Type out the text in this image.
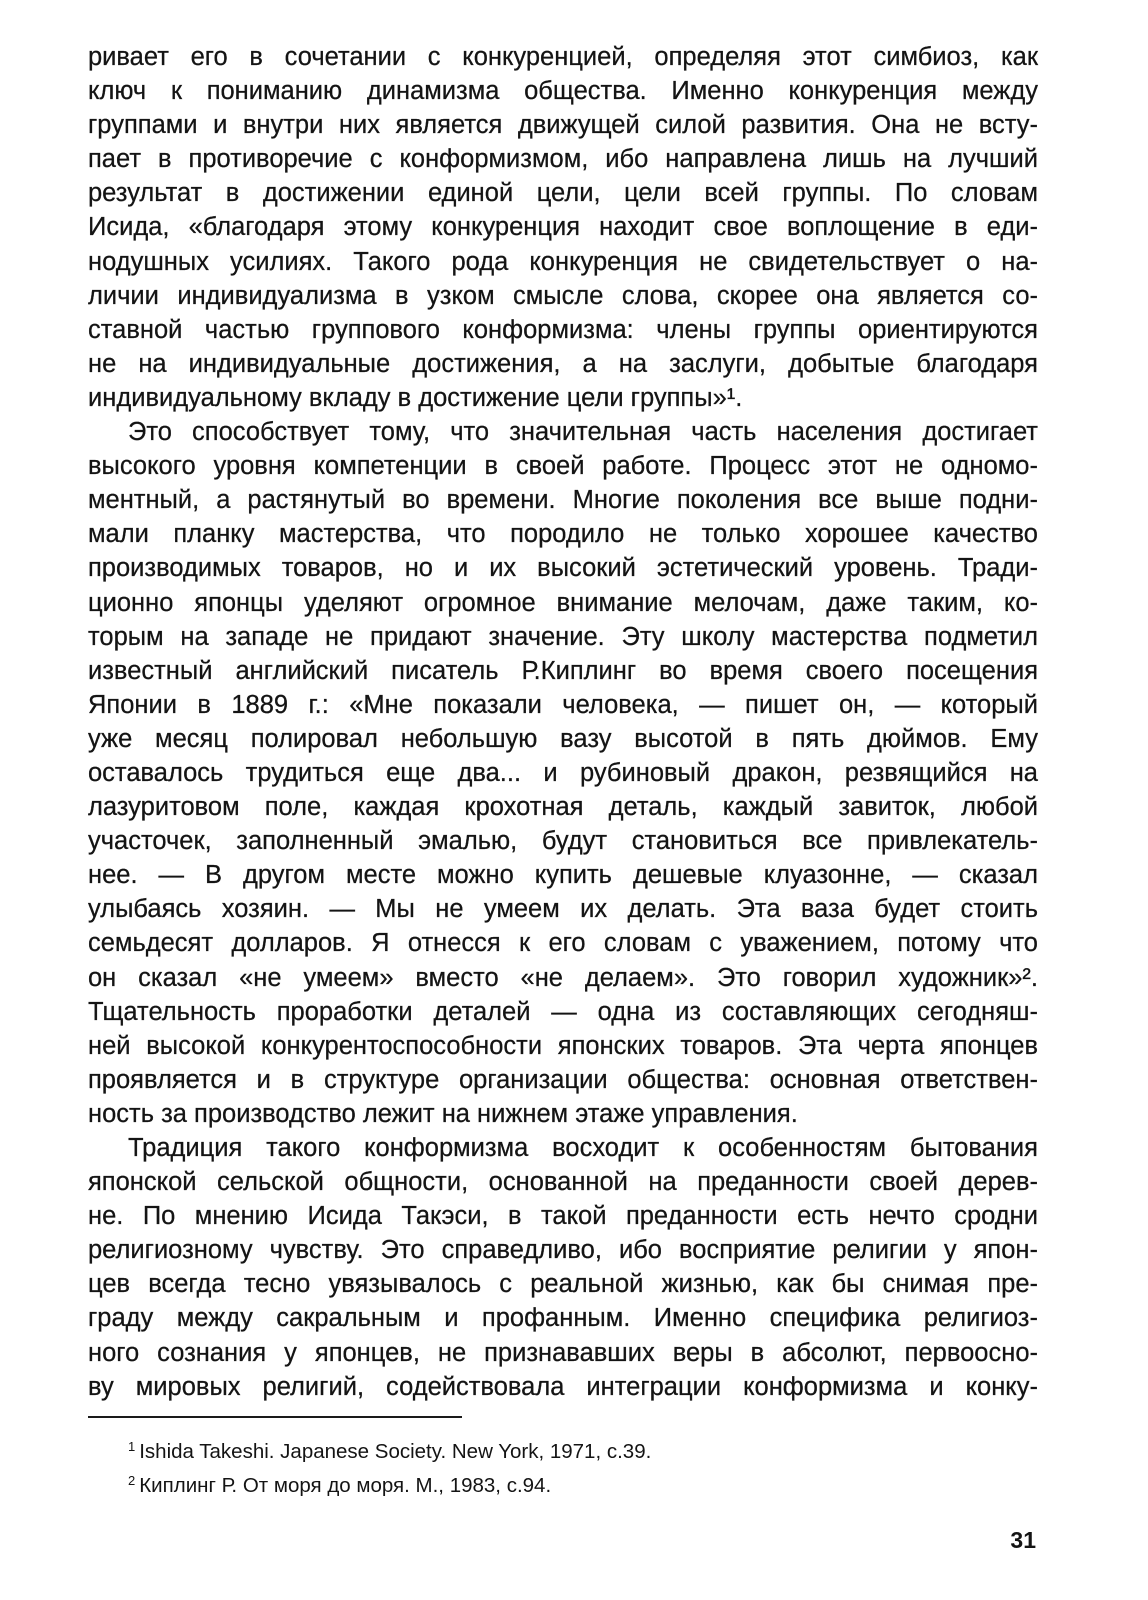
ривает его в сочетании с конкуренцией, определяя этот симбиоз, как
ключ к пониманию динамизма общества. Именно конкуренция между
группами и внутри них является движущей силой развития. Она не всту-
пает в противоречие с конформизмом, ибо направлена лишь на лучший
результат в достижении единой цели, цели всей группы. По словам
Исида, «благодаря этому конкуренция находит свое воплощение в еди-
нодушных усилиях. Такого рода конкуренция не свидетельствует о на-
личии индивидуализма в узком смысле слова, скорее она является со-
ставной частью группового конформизма: члены группы ориентируются
не на индивидуальные достижения, а на заслуги, добытые благодаря
индивидуальному вкладу в достижение цели группы»¹.
Это способствует тому, что значительная часть населения достигает
высокого уровня компетенции в своей работе. Процесс этот не одномо-
ментный, а растянутый во времени. Многие поколения все выше подни-
мали планку мастерства, что породило не только хорошее качество
производимых товаров, но и их высокий эстетический уровень. Тради-
ционно японцы уделяют огромное внимание мелочам, даже таким, ко-
торым на западе не придают значение. Эту школу мастерства подметил
известный английский писатель Р.Киплинг во время своего посещения
Японии в 1889 г.: «Мне показали человека, — пишет он, — который
уже месяц полировал небольшую вазу высотой в пять дюймов. Ему
оставалось трудиться еще два... и рубиновый дракон, резвящийся на
лазуритовом поле, каждая крохотная деталь, каждый завиток, любой
участочек, заполненный эмалью, будут становиться все привлекатель-
нее. — В другом месте можно купить дешевые клуазонне, — сказал
улыбаясь хозяин. — Мы не умеем их делать. Эта ваза будет стоить
семьдесят долларов. Я отнесся к его словам с уважением, потому что
он сказал «не умеем» вместо «не делаем». Это говорил художник»².
Тщательность проработки деталей — одна из составляющих сегодняш-
ней высокой конкурентоспособности японских товаров. Эта черта японцев
проявляется и в структуре организации общества: основная ответствен-
ность за производство лежит на нижнем этаже управления.
Традиция такого конформизма восходит к особенностям бытования
японской сельской общности, основанной на преданности своей дерев-
не. По мнению Исида Такэси, в такой преданности есть нечто сродни
религиозному чувству. Это справедливо, ибо восприятие религии у япон-
цев всегда тесно увязывалось с реальной жизнью, как бы снимая пре-
граду между сакральным и профанным. Именно специфика религиоз-
ного сознания у японцев, не признававших веры в абсолют, первоосно-
ву мировых религий, содействовала интеграции конформизма и конку-
$^1$ Ishida Takeshi. Japanese Society. New York, 1971, с.39.
$^2$ Киплинг Р. От моря до моря. М., 1983, с.94.
31
